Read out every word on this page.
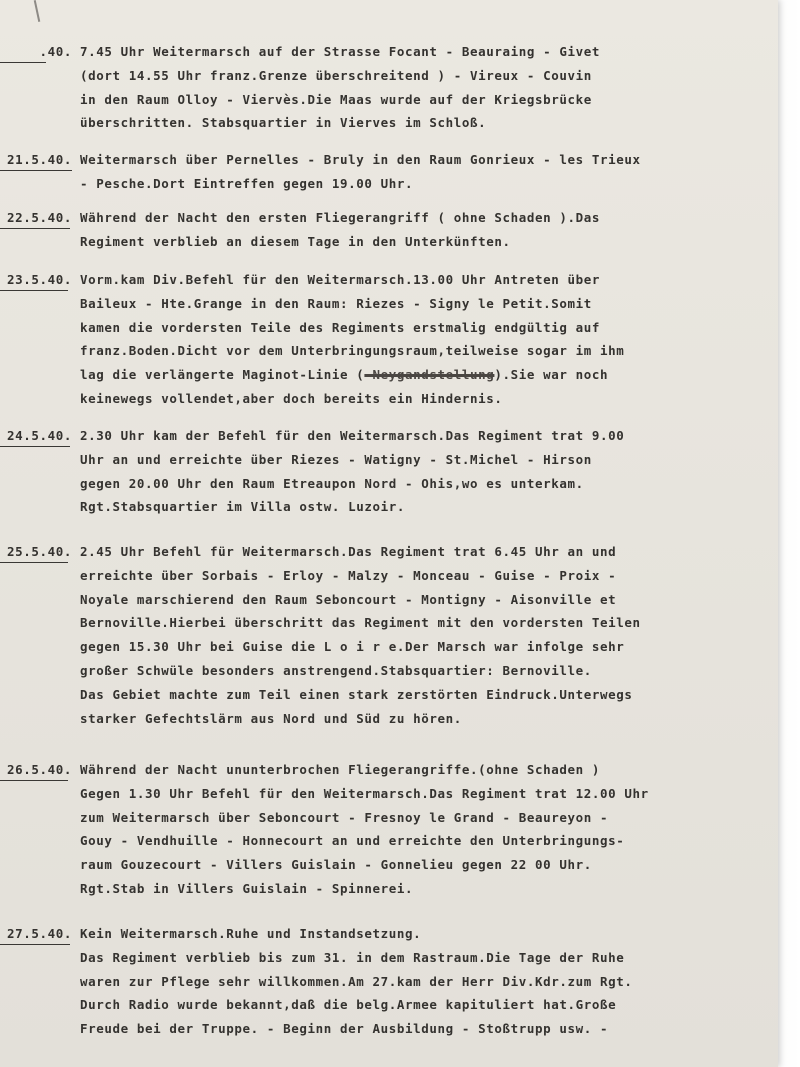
.40. 7.45 Uhr Weitermarsch auf der Strasse Focant - Beauraing - Givet
(dort 14.55 Uhr franz.Grenze überschreitend ) - Vireux - Couvin
in den Raum Olloy - Viervès.Die Maas wurde auf der Kriegsbrücke
überschritten. Stabsquartier in Vierves im Schloß.
21.5.40. Weitermarsch über Pernelles - Bruly in den Raum Gonrieux - les Trieux
- Pesche.Dort Eintreffen gegen 19.00 Uhr.
22.5.40. Während der Nacht den ersten Fliegerangriff ( ohne Schaden ).Das
Regiment verblieb an diesem Tage in den Unterkünften.
23.5.40. Vorm.kam Div.Befehl für den Weitermarsch.13.00 Uhr Antreten über
Baileux - Hte.Grange in den Raum: Riezes - Signy le Petit.Somit
kamen die vordersten Teile des Regiments erstmalig endgültig auf
franz.Boden.Dicht vor dem Unterbringungsraum,teilweise sogar im ihm
lag die verlängerte Maginot-Linie (-Neygandstellung).Sie war noch
keinewegs vollendet,aber doch bereits ein Hindernis.
24.5.40. 2.30 Uhr kam der Befehl für den Weitermarsch.Das Regiment trat 9.00
Uhr an und erreichte über Riezes - Watigny - St.Michel - Hirson
gegen 20.00 Uhr den Raum Etreaupon Nord - Ohis,wo es unterkam.
Rgt.Stabsquartier im Villa ostw. Luzoir.
25.5.40. 2.45 Uhr Befehl für Weitermarsch.Das Regiment trat 6.45 Uhr an und
erreichte über Sorbais - Erloy - Malzy - Monceau - Guise - Proix -
Noyale marschierend den Raum Seboncourt - Montigny - Aisonville et
Bernoville.Hierbei überschritt das Regiment mit den vordersten Teilen
gegen 15.30 Uhr bei Guise die L o i r e.Der Marsch war infolge sehr
großer Schwüle besonders anstrengend.Stabsquartier: Bernoville.
Das Gebiet machte zum Teil einen stark zerstörten Eindruck.Unterwegs
starker Gefechtslärm aus Nord und Süd zu hören.
26.5.40. Während der Nacht ununterbrochen Fliegerangriffe.(ohne Schaden )
Gegen 1.30 Uhr Befehl für den Weitermarsch.Das Regiment trat 12.00 Uhr
zum Weitermarsch über Seboncourt - Fresnoy le Grand - Beaureyon -
Gouy - Vendhuille - Honnecourt an und erreichte den Unterbringungs-
raum Gouzecourt - Villers Guislain - Gonnelieu gegen 22 00 Uhr.
Rgt.Stab in Villers Guislain - Spinnerei.
27.5.40. Kein Weitermarsch.Ruhe und Instandsetzung.
Das Regiment verblieb bis zum 31. in dem Rastraum.Die Tage der Ruhe
waren zur Pflege sehr willkommen.Am 27.kam der Herr Div.Kdr.zum Rgt.
Durch Radio wurde bekannt,daß die belg.Armee kapituliert hat.Große
Freude bei der Truppe. - Beginn der Ausbildung - Stoßtrupp usw. -
